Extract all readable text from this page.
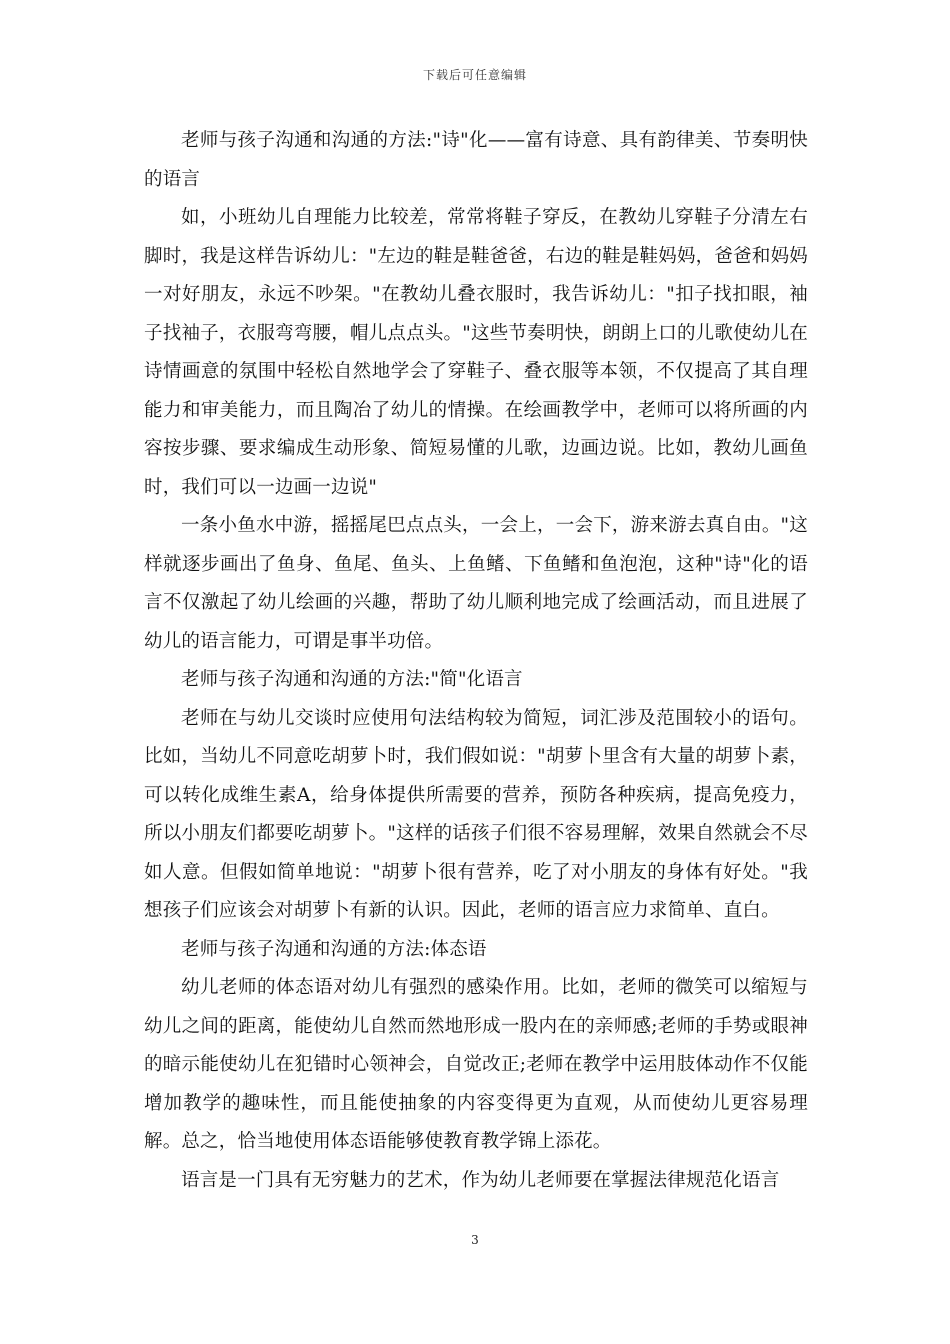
下载后可任意编辑

老师与孩子沟通和沟通的方法:"诗"化——富有诗意、具有韵律美、节奏明快的语言

如，小班幼儿自理能力比较差，常常将鞋子穿反，在教幼儿穿鞋子分清左右脚时，我是这样告诉幼儿："左边的鞋是鞋爸爸，右边的鞋是鞋妈妈，爸爸和妈妈一对好朋友，永远不吵架。"在教幼儿叠衣服时，我告诉幼儿："扣子找扣眼，袖子找袖子，衣服弯弯腰，帽儿点点头。"这些节奏明快，朗朗上口的儿歌使幼儿在诗情画意的氛围中轻松自然地学会了穿鞋子、叠衣服等本领，不仅提高了其自理能力和审美能力，而且陶冶了幼儿的情操。在绘画教学中，老师可以将所画的内容按步骤、要求编成生动形象、简短易懂的儿歌，边画边说。比如，教幼儿画鱼时，我们可以一边画一边说"

一条小鱼水中游，摇摇尾巴点点头，一会上，一会下，游来游去真自由。"这样就逐步画出了鱼身、鱼尾、鱼头、上鱼鳍、下鱼鳍和鱼泡泡，这种"诗"化的语言不仅激起了幼儿绘画的兴趣，帮助了幼儿顺利地完成了绘画活动，而且进展了幼儿的语言能力，可谓是事半功倍。

老师与孩子沟通和沟通的方法:"简"化语言

老师在与幼儿交谈时应使用句法结构较为简短，词汇涉及范围较小的语句。比如，当幼儿不同意吃胡萝卜时，我们假如说："胡萝卜里含有大量的胡萝卜素，可以转化成维生素A，给身体提供所需要的营养，预防各种疾病，提高免疫力，所以小朋友们都要吃胡萝卜。"这样的话孩子们很不容易理解，效果自然就会不尽如人意。但假如简单地说："胡萝卜很有营养，吃了对小朋友的身体有好处。"我想孩子们应该会对胡萝卜有新的认识。因此，老师的语言应力求简单、直白。

老师与孩子沟通和沟通的方法:体态语

幼儿老师的体态语对幼儿有强烈的感染作用。比如，老师的微笑可以缩短与幼儿之间的距离，能使幼儿自然而然地形成一股内在的亲师感;老师的手势或眼神的暗示能使幼儿在犯错时心领神会，自觉改正;老师在教学中运用肢体动作不仅能增加教学的趣味性，而且能使抽象的内容变得更为直观，从而使幼儿更容易理解。总之，恰当地使用体态语能够使教育教学锦上添花。

语言是一门具有无穷魅力的艺术，作为幼儿老师要在掌握法律规范化语言

3
